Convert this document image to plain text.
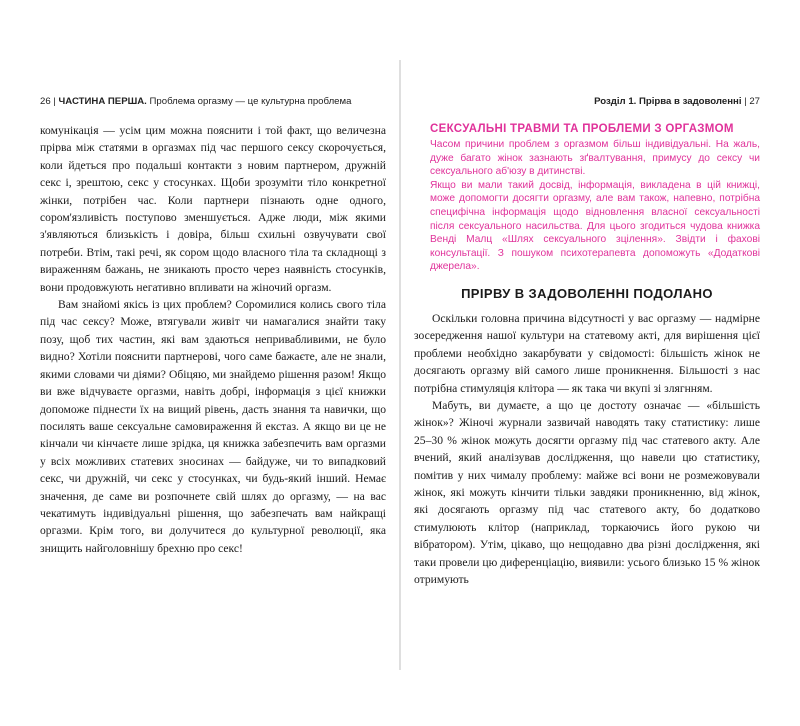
26 | ЧАСТИНА ПЕРША. Проблема оргазму — це культурна проблема

комунікація — усім цим можна пояснити і той факт, що величезна прірва між статями в оргазмах під час першого сексу скорочується, коли йдеться про подальші контакти з новим партнером, дружній секс і, зрештою, секс у стосунках. Щоби зрозуміти тіло конкретної жінки, потрібен час. Коли партнери пізнають одне одного, сором'язливість поступово зменшується. Адже люди, між якими з'являються близькість і довіра, більш схильні озвучувати свої потреби. Втім, такі речі, як сором щодо власного тіла та складнощі з вираженням бажань, не зникають просто через наявність стосунків, вони продовжують негативно впливати на жіночий оргазм.

Вам знайомі якісь із цих проблем? Соромилися колись свого тіла під час сексу? Може, втягували живіт чи намагалися знайти таку позу, щоб тих частин, які вам здаються непривабливими, не було видно? Хотіли пояснити партнерові, чого саме бажаєте, але не знали, якими словами чи діями? Обіцяю, ми знайдемо рішення разом! Якщо ви вже відчуваєте оргазми, навіть добрі, інформація з цієї книжки допоможе піднести їх на вищий рівень, дасть знання та навички, що посилять ваше сексуальне самовираження й екстаз. А якщо ви це не кінчали чи кінчаєте лише зрідка, ця книжка забезпечить вам оргазми у всіх можливих статевих зносинах — байдуже, чи то випадковий секс, чи дружній, чи секс у стосунках, чи будь-який інший. Немає значення, де саме ви розпочнете свій шлях до оргазму, — на вас чекатимуть індивідуальні рішення, що забезпечать вам найкращі оргазми. Крім того, ви долучитеся до культурної революції, яка знищить найголовнішу брехню про секс!

Розділ 1. Прірва в задоволенні | 27
СЕКСУАЛЬНІ ТРАВМИ ТА ПРОБЛЕМИ З ОРГАЗМОМ

Часом причини проблем з оргазмом більш індивідуальні. На жаль, дуже багато жінок зазнають зґвалтування, примусу до сексу чи сексуального аб'юзу в дитинстві.

Якщо ви мали такий досвід, інформація, викладена в цій книжці, може допомогти досягти оргазму, але вам також, напевно, потрібна специфічна інформація щодо відновлення власної сексуальності після сексуального насильства. Для цього згодиться чудова книжка Венді Малц «Шлях сексуального зцілення». Звідти і фахові консультації. З пошуком психотерапевта допоможуть «Додаткові джерела».

ПРІРВУ В ЗАДОВОЛЕННІ ПОДОЛАНО

Оскільки головна причина відсутності у вас оргазму — надмірне зосередження нашої культури на статевому акті, для вирішення цієї проблеми необхідно закарбувати у свідомості: більшість жінок не досягають оргазму вій самого лише проникнення. Більшості з нас потрібна стимуляція клітора — як така чи вкупі зі злягнням.

Мабуть, ви думаєте, а що це достоту означає — «більшість жінок»? Жіночі журнали зазвичай наводять таку статистику: лише 25–30 % жінок можуть досягти оргазму під час статевого акту. Але вчений, який аналізував дослідження, що навели цю статистику, помітив у них чималу проблему: майже всі вони не розмежовували жінок, які можуть кінчити тільки завдяки проникненню, від жінок, які досягають оргазму під час статевого акту, бо додатково стимулюють клітор (наприклад, торкаючись його рукою чи вібратором). Утім, цікаво, що нещодавно два різні дослідження, які таки провели цю диференціацію, виявили: усього близько 15 % жінок отримують
